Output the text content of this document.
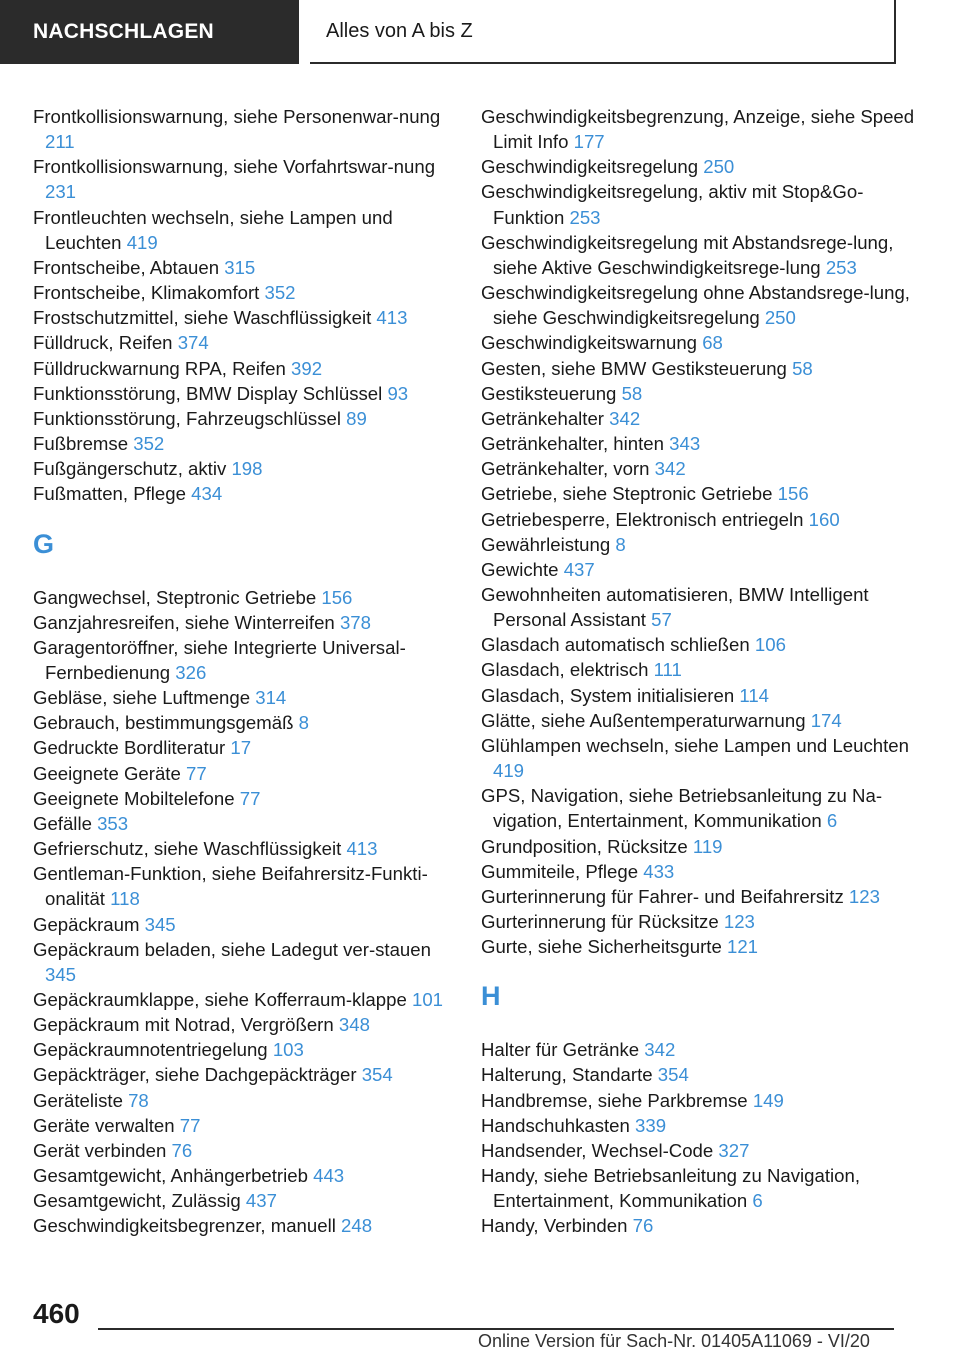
NACHSCHLAGEN	Alles von A bis Z
Frontkollisionswarnung, siehe Personenwar-nung 211
Frontkollisionswarnung, siehe Vorfahrtswar-nung 231
Frontleuchten wechseln, siehe Lampen und Leuchten 419
Frontscheibe, Abtauen 315
Frontscheibe, Klimakomfort 352
Frostschutzmittel, siehe Waschflüssigkeit 413
Fülldruck, Reifen 374
Fülldruckwarnung RPA, Reifen 392
Funktionsstörung, BMW Display Schlüssel 93
Funktionsstörung, Fahrzeugschlüssel 89
Fußbremse 352
Fußgängerschutz, aktiv 198
Fußmatten, Pflege 434
G
Gangwechsel, Steptronic Getriebe 156
Ganzjahresreifen, siehe Winterreifen 378
Garagentoröffner, siehe Integrierte Universal-Fernbedienung 326
Gebläse, siehe Luftmenge 314
Gebrauch, bestimmungsgemäß 8
Gedruckte Bordliteratur 17
Geeignete Geräte 77
Geeignete Mobiltelefone 77
Gefälle 353
Gefrierschutz, siehe Waschflüssigkeit 413
Gentleman-Funktion, siehe Beifahrersitz-Funkti-onalität 118
Gepäckraum 345
Gepäckraum beladen, siehe Ladegut ver-stauen 345
Gepäckraumklappe, siehe Kofferraum-klappe 101
Gepäckraum mit Notrad, Vergrößern 348
Gepäckraumnotentriegelung 103
Gepäckträger, siehe Dachgepäckträger 354
Geräteliste 78
Geräte verwalten 77
Gerät verbinden 76
Gesamtgewicht, Anhängerbetrieb 443
Gesamtgewicht, Zulässig 437
Geschwindigkeitsbegrenzer, manuell 248
Geschwindigkeitsbegrenzung, Anzeige, siehe Speed Limit Info 177
Geschwindigkeitsregelung 250
Geschwindigkeitsregelung, aktiv mit Stop&Go-Funktion 253
Geschwindigkeitsregelung mit Abstandsrege-lung, siehe Aktive Geschwindigkeitsrege-lung 253
Geschwindigkeitsregelung ohne Abstandsrege-lung, siehe Geschwindigkeitsregelung 250
Geschwindigkeitswarnung 68
Gesten, siehe BMW Gestiksteuerung 58
Gestiksteuerung 58
Getränkehalter 342
Getränkehalter, hinten 343
Getränkehalter, vorn 342
Getriebe, siehe Steptronic Getriebe 156
Getriebesperre, Elektronisch entriegeln 160
Gewährleistung 8
Gewichte 437
Gewohnheiten automatisieren, BMW Intelligent Personal Assistant 57
Glasdach automatisch schließen 106
Glasdach, elektrisch 111
Glasdach, System initialisieren 114
Glätte, siehe Außentemperaturwarnung 174
Glühlampen wechseln, siehe Lampen und Leuchten 419
GPS, Navigation, siehe Betriebsanleitung zu Na-vigation, Entertainment, Kommunikation 6
Grundposition, Rücksitze 119
Gummiteile, Pflege 433
Gurterinnerung für Fahrer- und Beifahrersitz 123
Gurterinnerung für Rücksitze 123
Gurte, siehe Sicherheitsgurte 121
H
Halter für Getränke 342
Halterung, Standarte 354
Handbremse, siehe Parkbremse 149
Handschuhkasten 339
Handsender, Wechsel-Code 327
Handy, siehe Betriebsanleitung zu Navigation, Entertainment, Kommunikation 6
Handy, Verbinden 76
460
Online Version für Sach-Nr. 01405A11069 - VI/20
